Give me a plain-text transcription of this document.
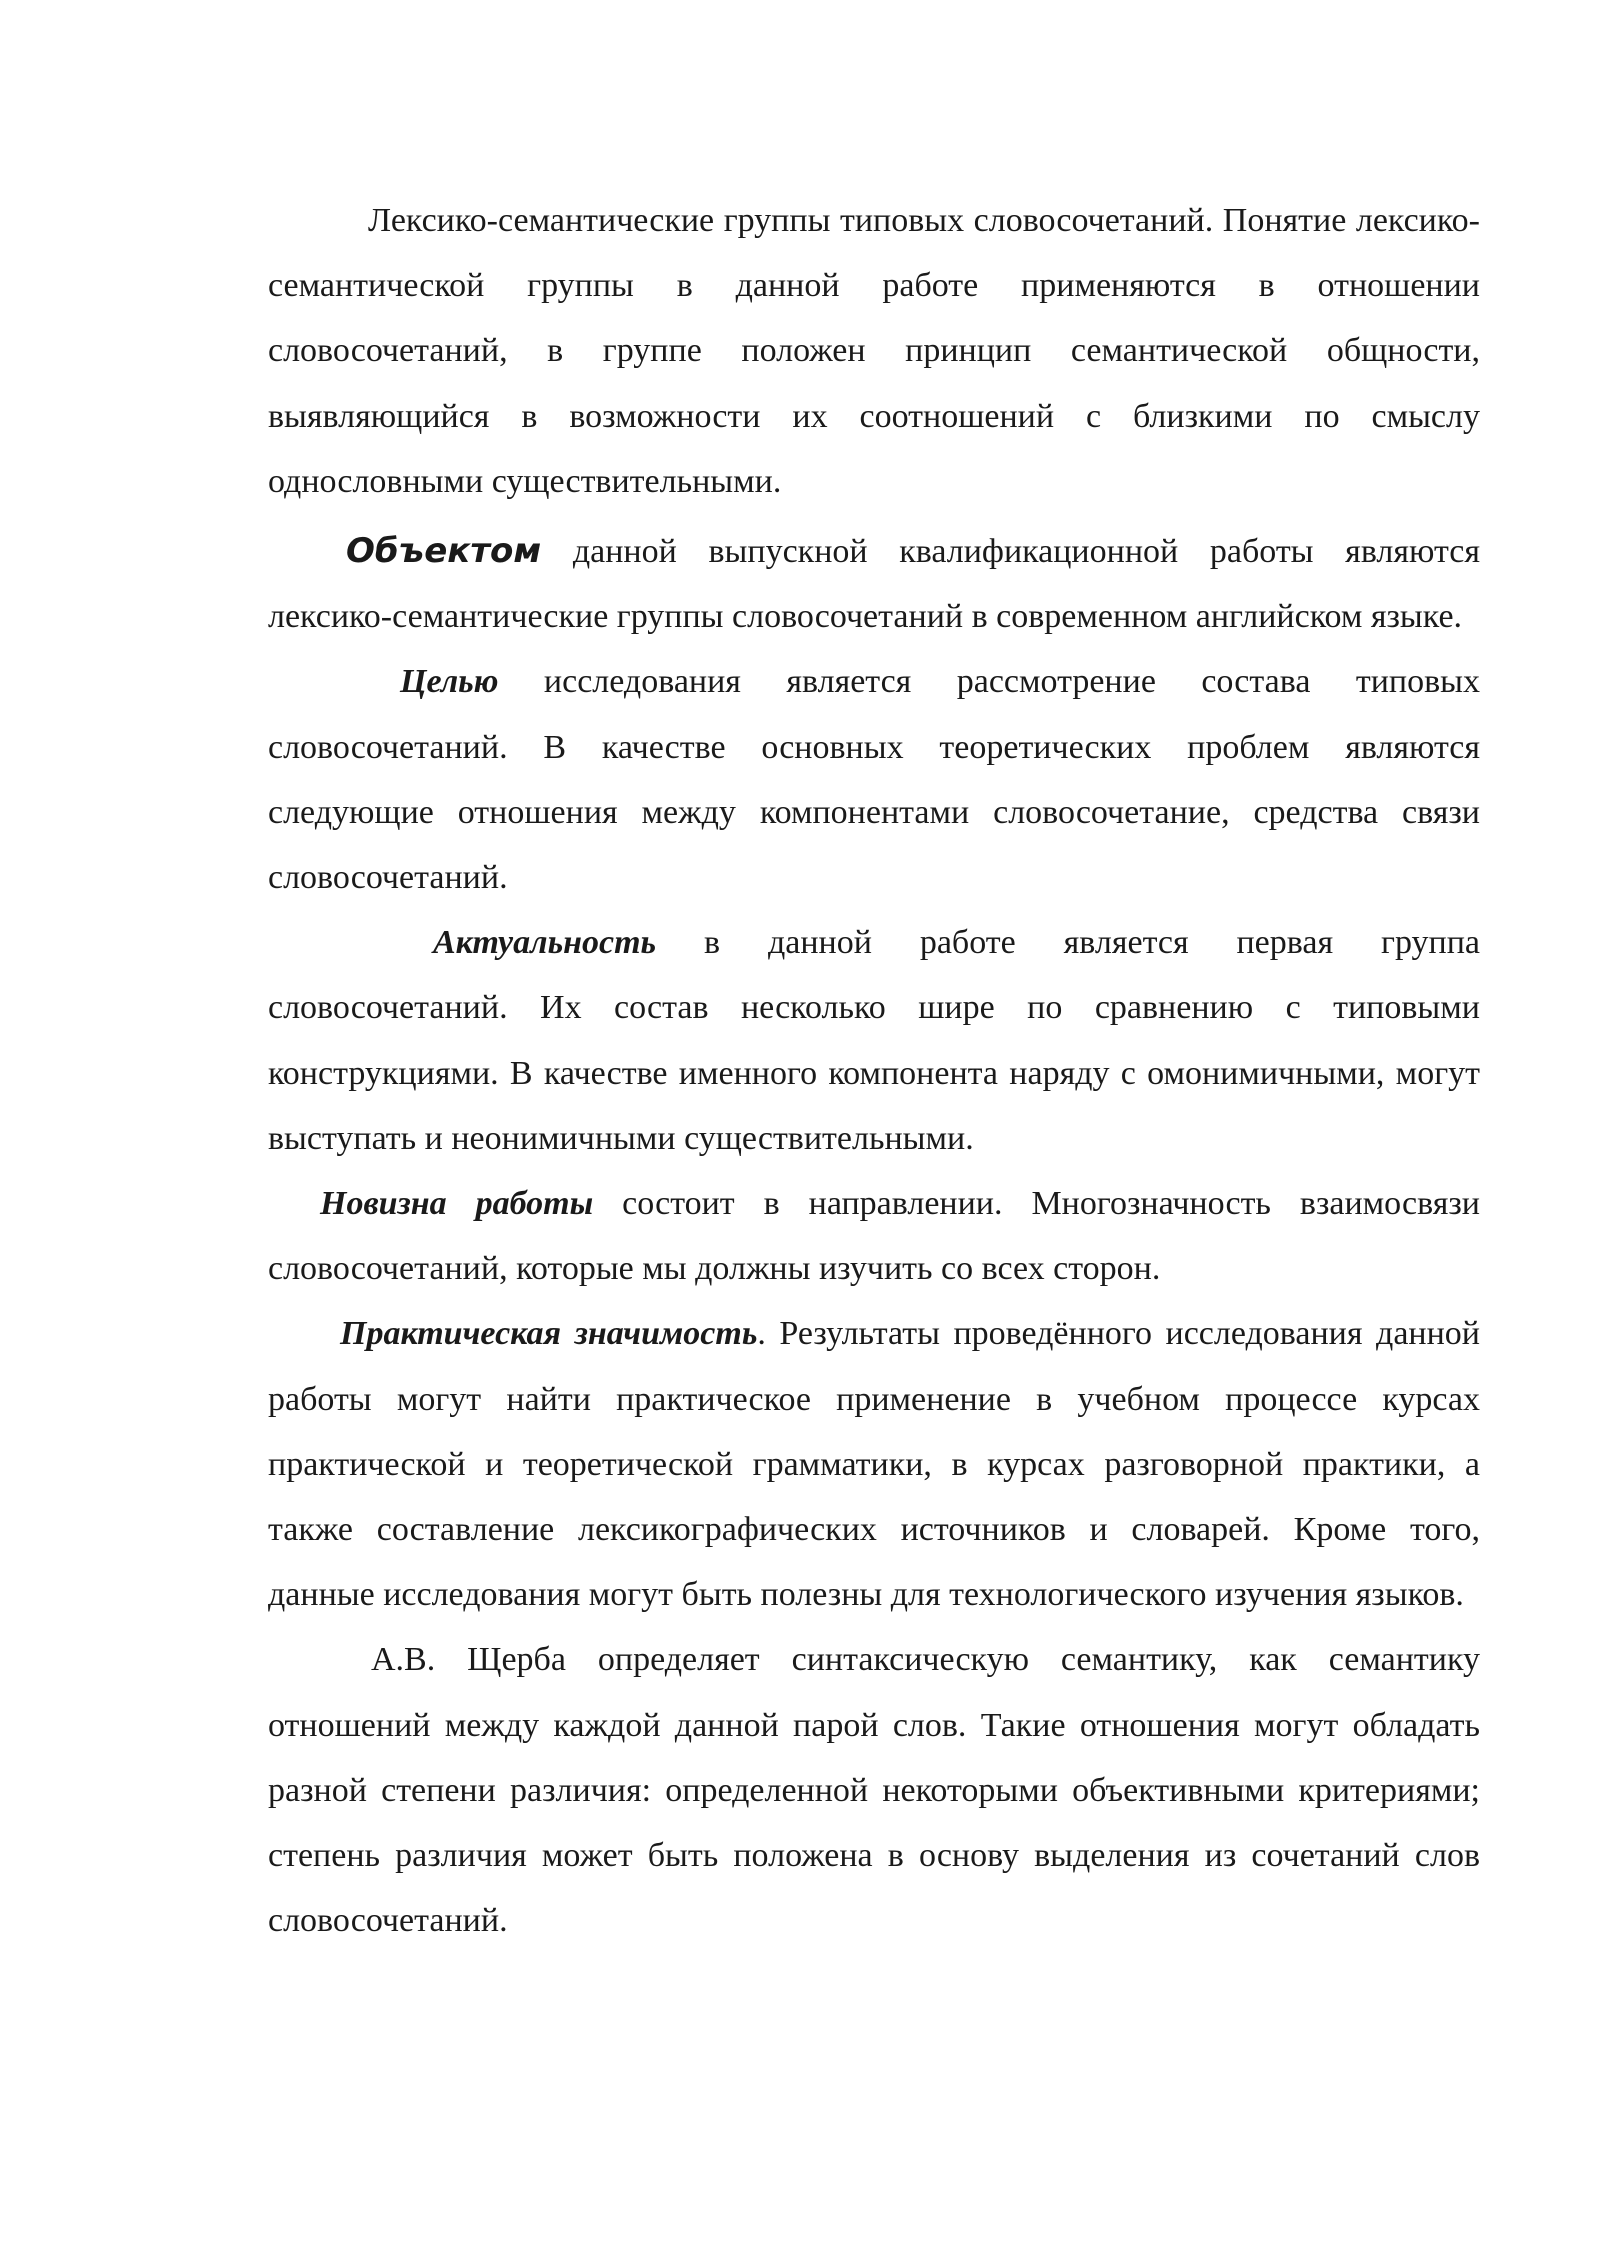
Лексико-семантические группы типовых словосочетаний. Понятие лексико-семантической группы в данной работе применяются в отношении словосочетаний, в группе положен принцип семантической общности, выявляющийся в возможности их соотношений с близкими по смыслу однословными существительными.

Объектом данной выпускной квалификационной работы являются лексико-семантические группы словосочетаний в современном английском языке.

Целью исследования является рассмотрение состава типовых словосочетаний. В качестве основных теоретических проблем являются следующие отношения между компонентами словосочетание, средства связи словосочетаний.

Актуальность в данной работе является первая группа словосочетаний. Их состав несколько шире по сравнению с типовыми конструкциями. В качестве именного компонента наряду с омонимичными, могут выступать и неонимичными существительными.

Новизна работы состоит в направлении. Многозначность взаимосвязи словосочетаний, которые мы должны изучить со всех сторон.

Практическая значимость. Результаты проведённого исследования данной работы могут найти практическое применение в учебном процессе курсах практической и теоретической грамматики, в курсах разговорной практики, а также составление лексикографических источников и словарей. Кроме того, данные исследования могут быть полезны для технологического изучения языков.

А.В. Щерба определяет синтаксическую семантику, как семантику отношений между каждой данной парой слов. Такие отношения могут обладать разной степени различия: определенной некоторыми объективными критериями; степень различия может быть положена в основу выделения из сочетаний слов словосочетаний.
